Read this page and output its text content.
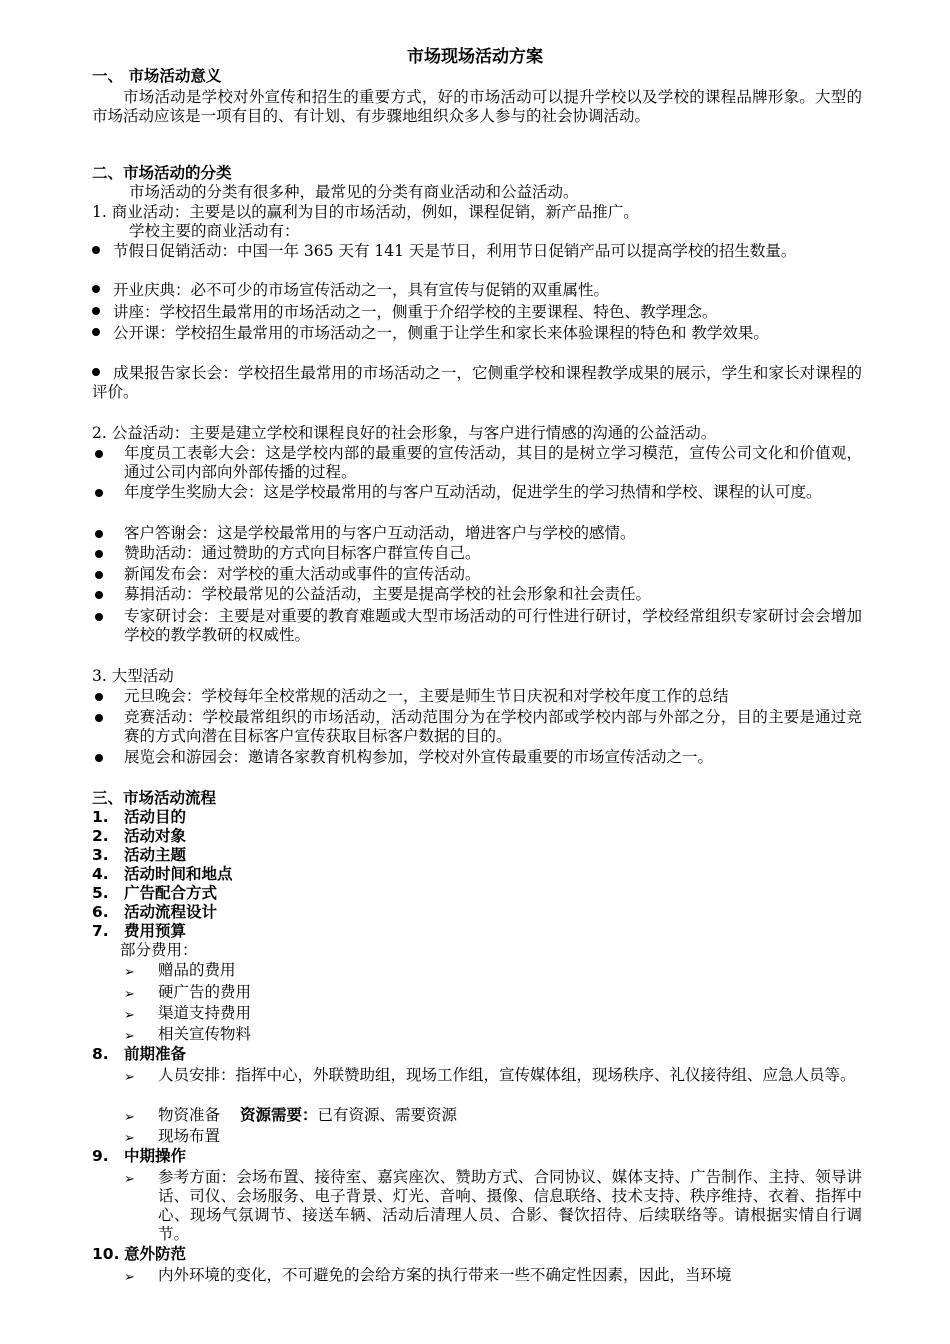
市场现场活动方案
一、 市场活动意义
市场活动是学校对外宣传和招生的重要方式，好的市场活动可以提升学校以及学校的课程品牌形象。大型的市场活动应该是一项有目的、有计划、有步骤地组织众多人参与的社会协调活动。
二、市场活动的分类
市场活动的分类有很多种，最常见的分类有商业活动和公益活动。
1. 商业活动：主要是以的赢利为目的市场活动，例如，课程促销，新产品推广。
学校主要的商业活动有：
节假日促销活动：中国一年 365 天有 141 天是节日，利用节日促销产品可以提高学校的招生数量。
开业庆典：必不可少的市场宣传活动之一，具有宣传与促销的双重属性。
讲座：学校招生最常用的市场活动之一，侧重于介绍学校的主要课程、特色、教学理念。
公开课：学校招生最常用的市场活动之一，侧重于让学生和家长来体验课程的特色和 教学效果。
成果报告家长会：学校招生最常用的市场活动之一，它侧重学校和课程教学成果的展示，学生和家长对课程的评价。
2. 公益活动：主要是建立学校和课程良好的社会形象，与客户进行情感的沟通的公益活动。
年度员工表彰大会：这是学校内部的最重要的宣传活动，其目的是树立学习模范，宣传公司文化和价值观，通过公司内部向外部传播的过程。
年度学生奖励大会：这是学校最常用的与客户互动活动，促进学生的学习热情和学校、课程的认可度。
客户答谢会：这是学校最常用的与客户互动活动，增进客户与学校的感情。
赞助活动：通过赞助的方式向目标客户群宣传自己。
新闻发布会：对学校的重大活动或事件的宣传活动。
募捐活动：学校最常见的公益活动，主要是提高学校的社会形象和社会责任。
专家研讨会：主要是对重要的教育难题或大型市场活动的可行性进行研讨，学校经常组织专家研讨会会增加学校的教学教研的权威性。
3. 大型活动
元旦晚会：学校每年全校常规的活动之一，主要是师生节日庆祝和对学校年度工作的总结
竞赛活动：学校最常组织的市场活动，活动范围分为在学校内部或学校内部与外部之分，目的主要是通过竞赛的方式向潜在目标客户宣传获取目标客户数据的目的。
展览会和游园会：邀请各家教育机构参加，学校对外宣传最重要的市场宣传活动之一。
三、市场活动流程
1. 活动目的
2. 活动对象
3. 活动主题
4. 活动时间和地点
5. 广告配合方式
6. 活动流程设计
7. 费用预算
部分费用：
➢ 赠品的费用
➢ 硬广告的费用
➢ 渠道支持费用
➢ 相关宣传物料
8. 前期准备
➢ 人员安排：指挥中心，外联赞助组，现场工作组，宣传媒体组，现场秩序、礼仪接待组、应急人员等。
➢ 物资准备 资源需要：已有资源、需要资源
➢ 现场布置
9. 中期操作
➢ 参考方面：会场布置、接待室、嘉宾座次、赞助方式、合同协议、媒体支持、广告制作、主持、领导讲话、司仪、会场服务、电子背景、灯光、音响、摄像、信息联络、技术支持、秩序维持、衣着、指挥中心、现场气氛调节、接送车辆、活动后清理人员、合影、餐饮招待、后续联络等。请根据实情自行调节。
10. 意外防范
➢ 内外环境的变化，不可避免的会给方案的执行带来一些不确定性因素，因此，当环境
